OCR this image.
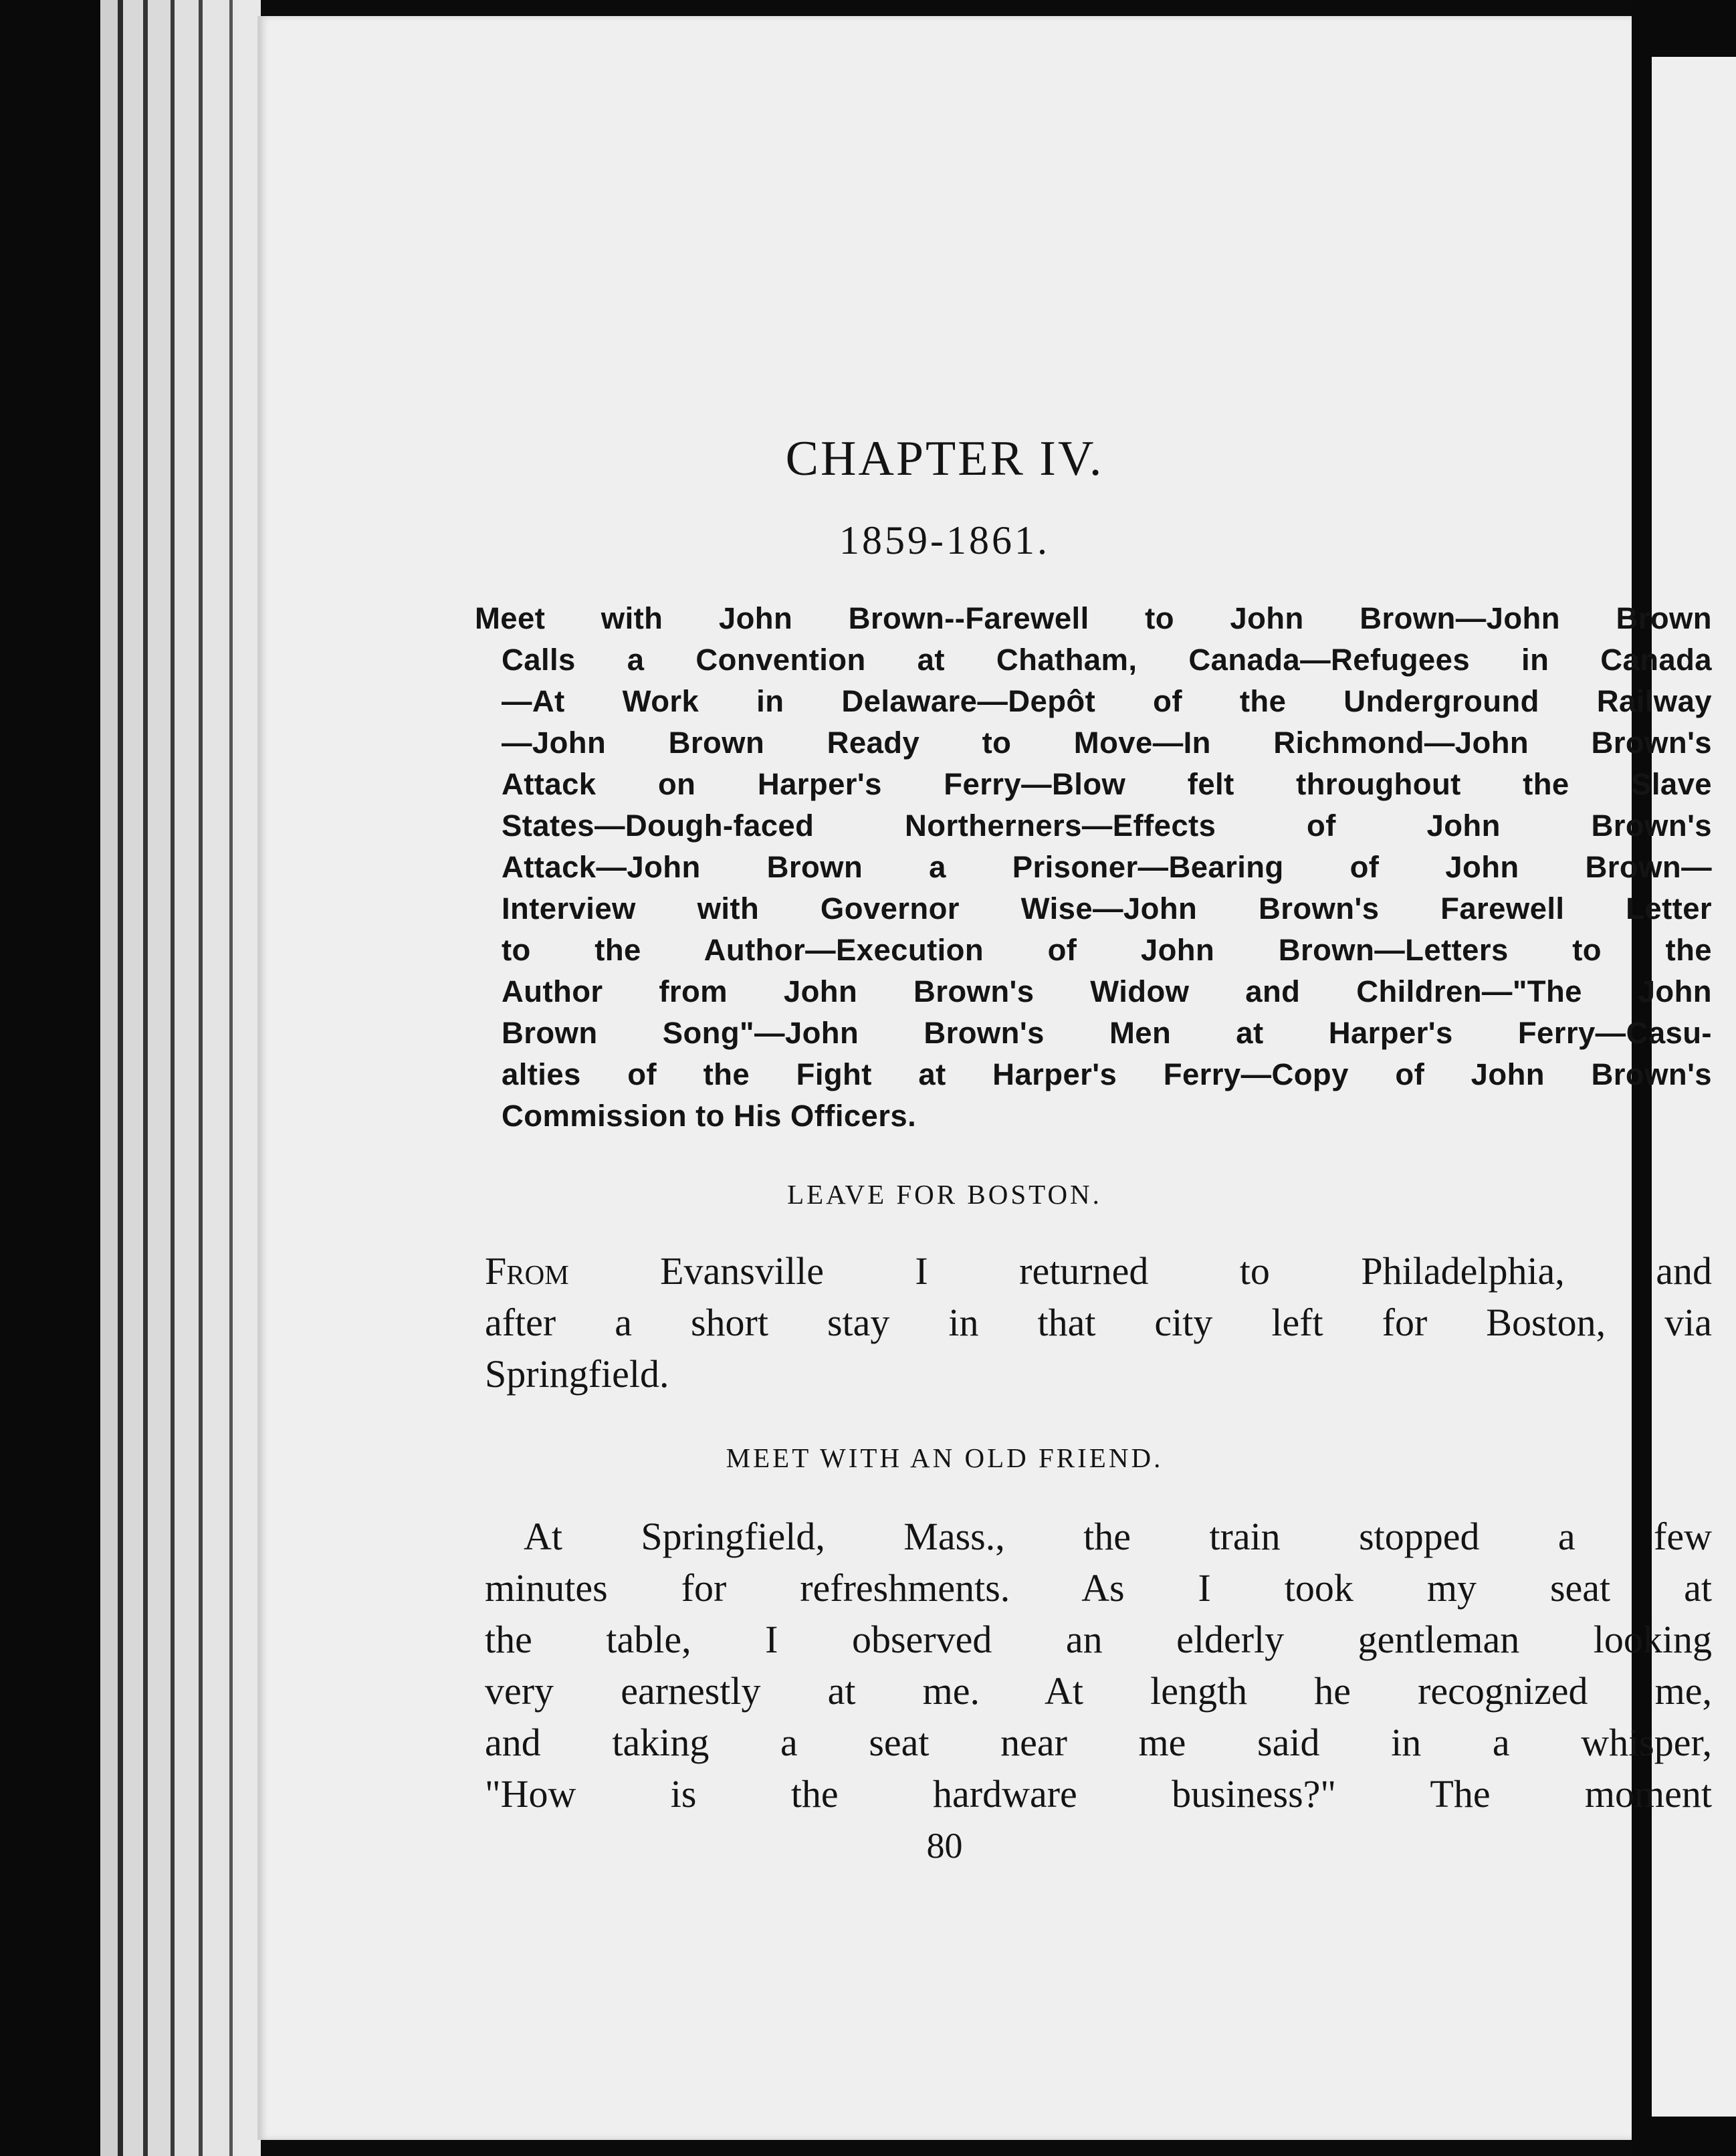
CHAPTER IV.
1859-1861.
Meet with John Brown--Farewell to John Brown—John Brown
Calls a Convention at Chatham, Canada—Refugees in Canada
—At Work in Delaware—Depôt of the Underground Railway
—John Brown Ready to Move—In Richmond—John Brown's
Attack on Harper's Ferry—Blow felt throughout the Slave
States—Dough-faced Northerners—Effects of John Brown's
Attack—John Brown a Prisoner—Bearing of John Brown—
Interview with Governor Wise—John Brown's Farewell Letter
to the Author—Execution of John Brown—Letters to the
Author from John Brown's Widow and Children—"The John
Brown Song"—John Brown's Men at Harper's Ferry—Casu-
alties of the Fight at Harper's Ferry—Copy of John Brown's
Commission to His Officers.
LEAVE FOR BOSTON.
From Evansville I returned to Philadelphia, and
after a short stay in that city left for Boston, via
Springfield.
MEET WITH AN OLD FRIEND.
At Springfield, Mass., the train stopped a few
minutes for refreshments. As I took my seat at
the table, I observed an elderly gentleman looking
very earnestly at me. At length he recognized me,
and taking a seat near me said in a whisper,
"How is the hardware business?" The moment
80
